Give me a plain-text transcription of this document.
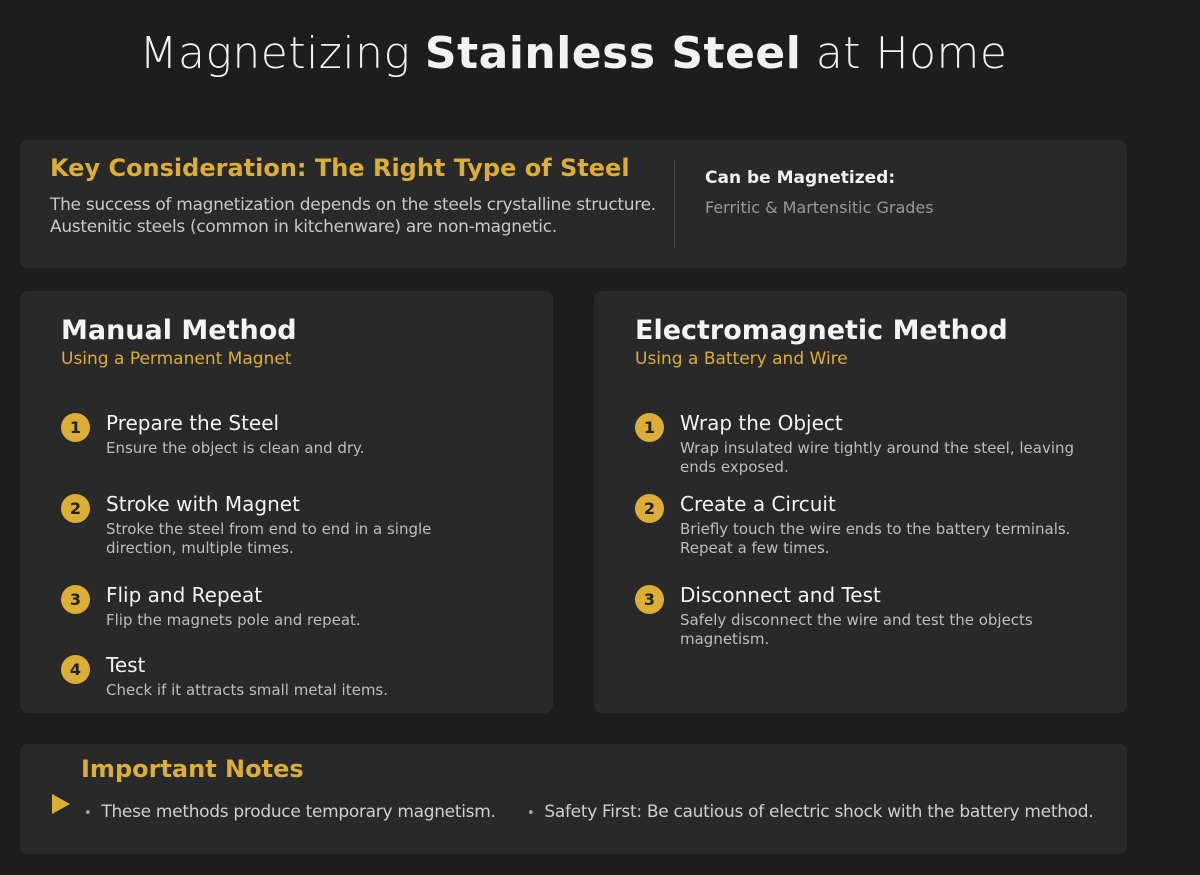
Magnetizing Stainless Steel at Home
Key Consideration: The Right Type of Steel

The success of magnetization depends on the steels crystalline structure. Austenitic steels (common in kitchenware) are non-magnetic.

Can be Magnetized:
Ferritic & Martensitic Grades
Manual Method
Using a Permanent Magnet
1	Prepare the Steel
Ensure the object is clean and dry.
2	Stroke with Magnet
Stroke the steel from end to end in a single direction, multiple times.
3	Flip and Repeat
Flip the magnets pole and repeat.
4	Test
Check if it attracts small metal items.
Electromagnetic Method
Using a Battery and Wire
1	Wrap the Object
Wrap insulated wire tightly around the steel, leaving ends exposed.
2	Create a Circuit
Briefly touch the wire ends to the battery terminals. Repeat a few times.
3	Disconnect and Test
Safely disconnect the wire and test the objects magnetism.
Important Notes
• These methods produce temporary magnetism.	• Safety First: Be cautious of electric shock with the battery method.
